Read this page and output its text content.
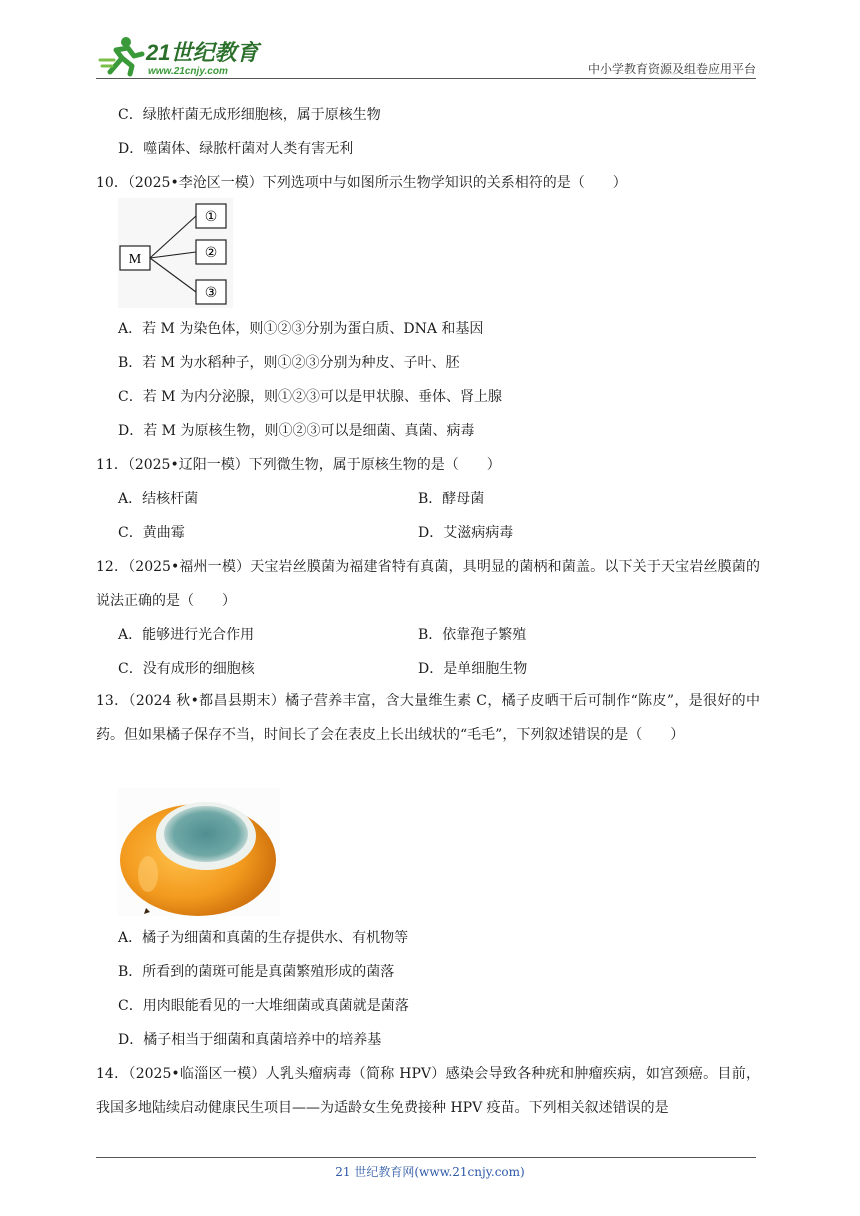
21世纪教育
www.21cnjy.com	中小学教育资源及组卷应用平台
C．绿脓杆菌无成形细胞核，属于原核生物
D．噬菌体、绿脓杆菌对人类有害无利
10．（2025•李沧区一模）下列选项中与如图所示生物学知识的关系相符的是（　　）
M
①
②
③
A．若 M 为染色体，则①②③分别为蛋白质、DNA 和基因
B．若 M 为水稻种子，则①②③分别为种皮、子叶、胚
C．若 M 为内分泌腺，则①②③可以是甲状腺、垂体、肾上腺
D．若 M 为原核生物，则①②③可以是细菌、真菌、病毒
11．（2025•辽阳一模）下列微生物，属于原核生物的是（　　）
A．结核杆菌	B．酵母菌
C．黄曲霉	D．艾滋病病毒
12．（2025•福州一模）天宝岩丝膜菌为福建省特有真菌，具明显的菌柄和菌盖。以下关于天宝岩丝膜菌的说法正确的是（　　）
A．能够进行光合作用	B．依靠孢子繁殖
C．没有成形的细胞核	D．是单细胞生物
13．（2024 秋•都昌县期末）橘子营养丰富，含大量维生素 C，橘子皮晒干后可制作“陈皮”，是很好的中药。但如果橘子保存不当，时间长了会在表皮上长出绒状的“毛毛”，下列叙述错误的是（　　）
A．橘子为细菌和真菌的生存提供水、有机物等
B．所看到的菌斑可能是真菌繁殖形成的菌落
C．用肉眼能看见的一大堆细菌或真菌就是菌落
D．橘子相当于细菌和真菌培养中的培养基
14．（2025•临淄区一模）人乳头瘤病毒（简称 HPV）感染会导致各种疣和肿瘤疾病，如宫颈癌。目前，我国多地陆续启动健康民生项目——为适龄女生免费接种 HPV 疫苗。下列相关叙述错误的是
21 世纪教育网(www.21cnjy.com)
